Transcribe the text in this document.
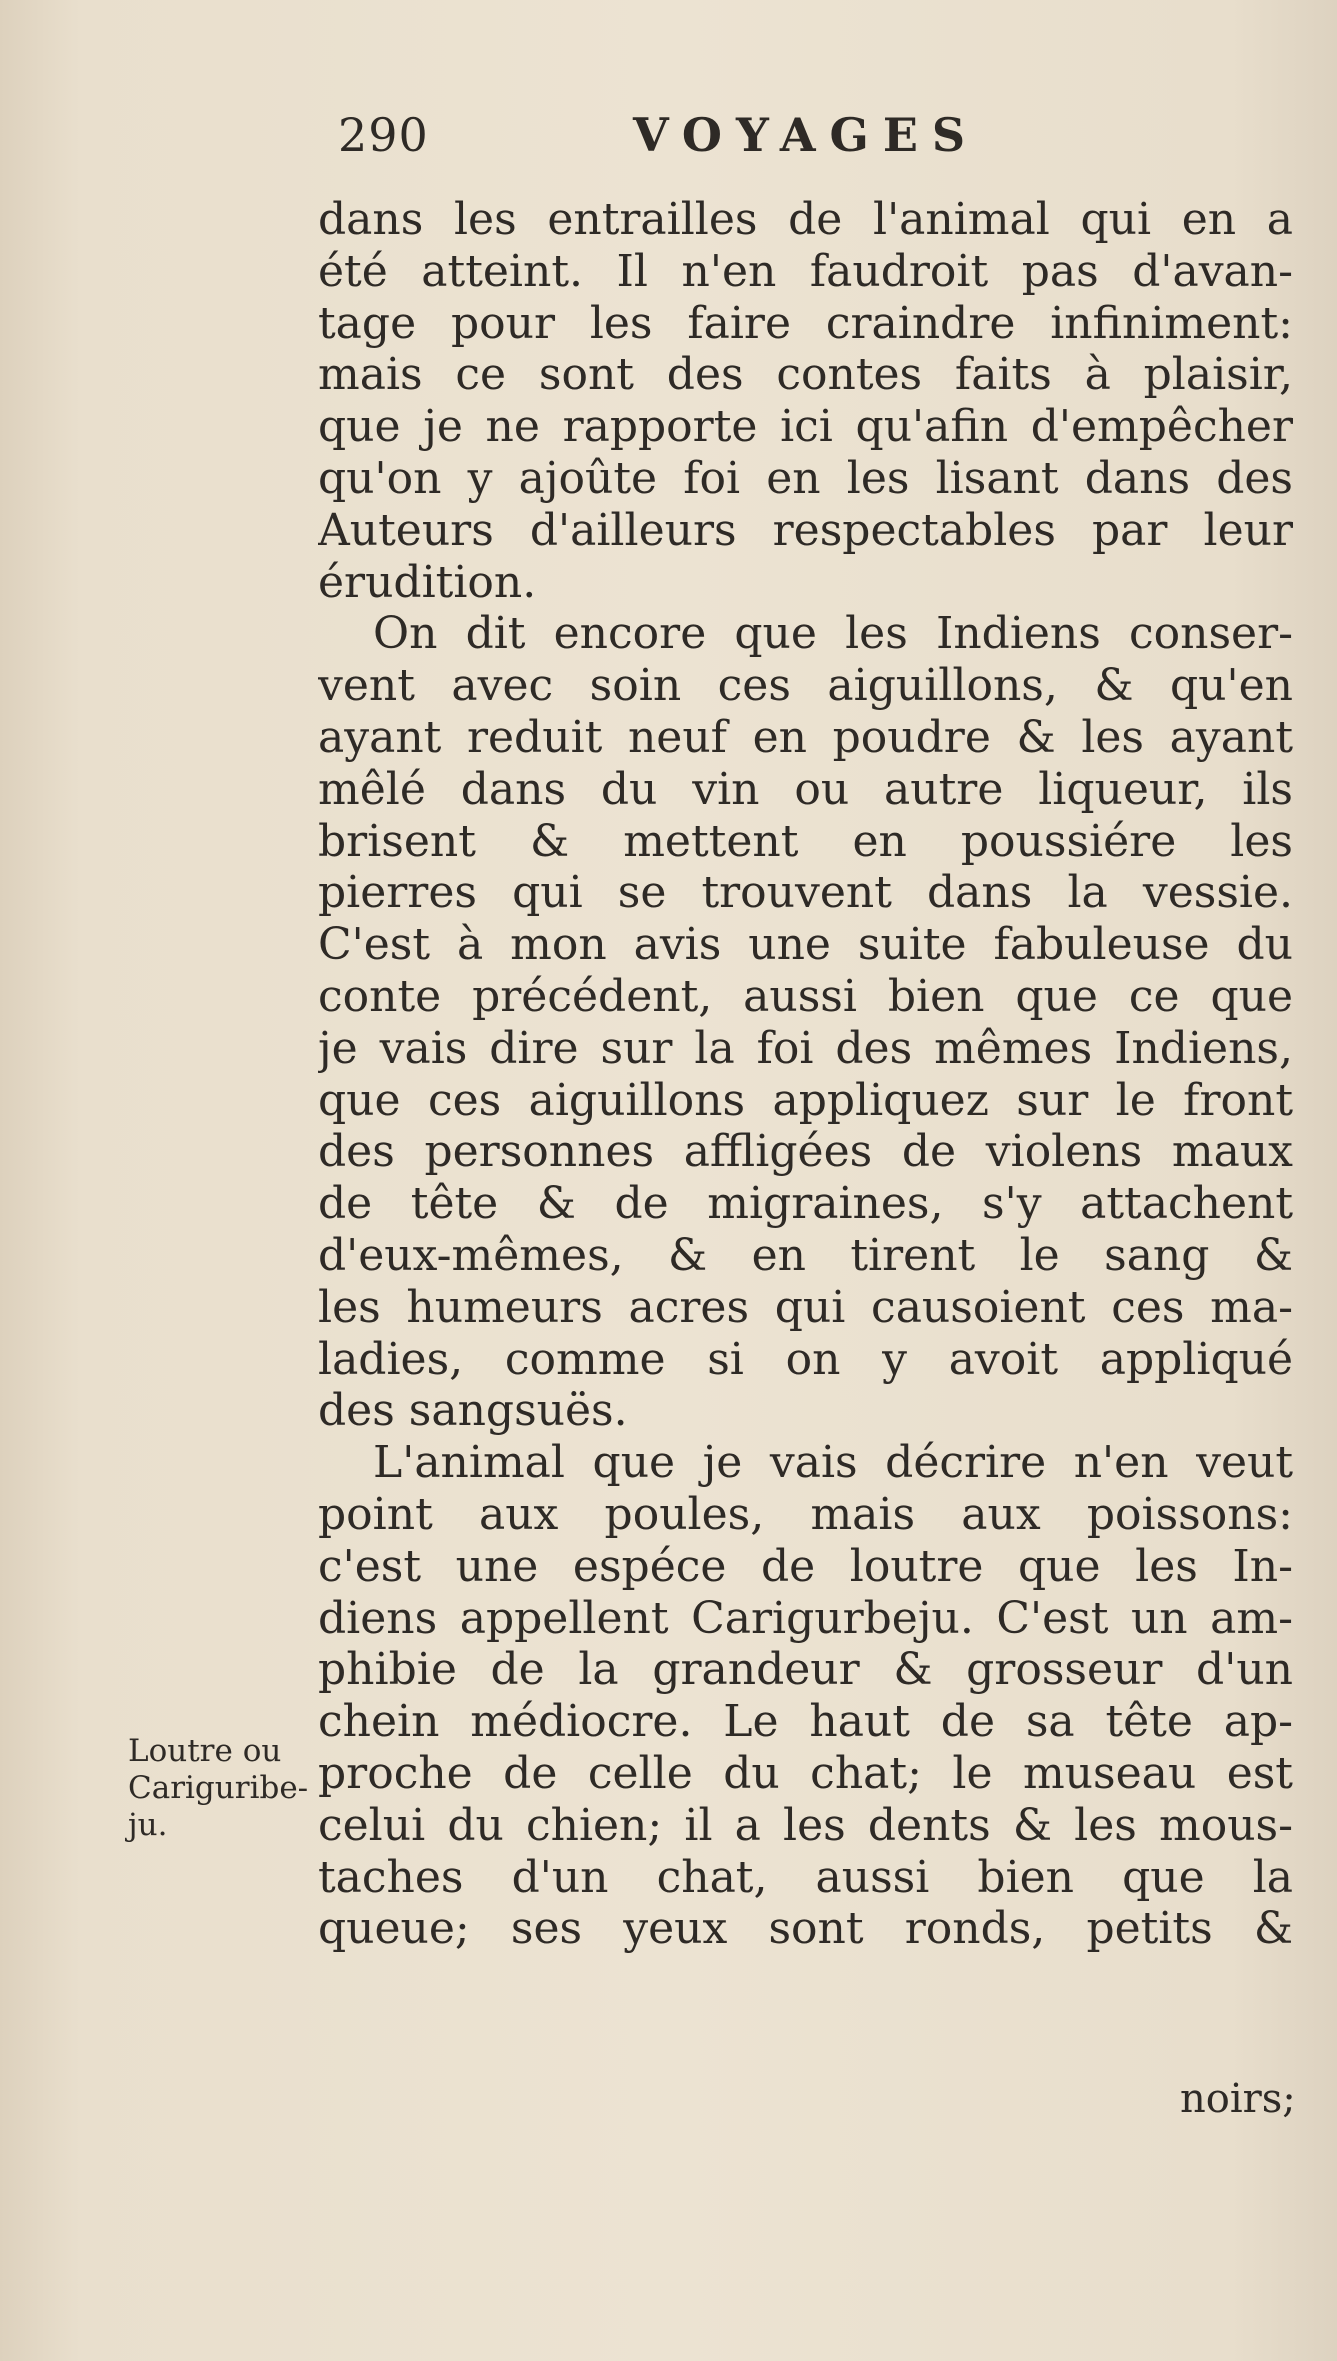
290	VOYAGES
dans les entrailles de l'animal qui en a
été atteint. Il n'en faudroit pas d'avan-
tage pour les faire craindre infiniment:
mais ce sont des contes faits à plaisir,
que je ne rapporte ici qu'afin d'empêcher
qu'on y ajoûte foi en les lisant dans des
Auteurs d'ailleurs respectables par leur
érudition.
On dit encore que les Indiens conser-
vent avec soin ces aiguillons, & qu'en
ayant reduit neuf en poudre & les ayant
mêlé dans du vin ou autre liqueur, ils
brisent & mettent en poussiére les
pierres qui se trouvent dans la vessie.
C'est à mon avis une suite fabuleuse du
conte précédent, aussi bien que ce que
je vais dire sur la foi des mêmes Indiens,
que ces aiguillons appliquez sur le front
des personnes affligées de violens maux
de tête & de migraines, s'y attachent
d'eux-mêmes, & en tirent le sang &
les humeurs acres qui causoient ces ma-
ladies, comme si on y avoit appliqué
des sangsuës.
L'animal que je vais décrire n'en veut
point aux poules, mais aux poissons:
c'est une espéce de loutre que les In-
diens appellent Carigurbeju. C'est un am-
phibie de la grandeur & grosseur d'un
chein médiocre. Le haut de sa tête ap-
proche de celle du chat; le museau est
celui du chien; il a les dents & les mous-
taches d'un chat, aussi bien que la
queue; ses yeux sont ronds, petits &
Loutre ou
Cariguribe-
ju.
noirs;
